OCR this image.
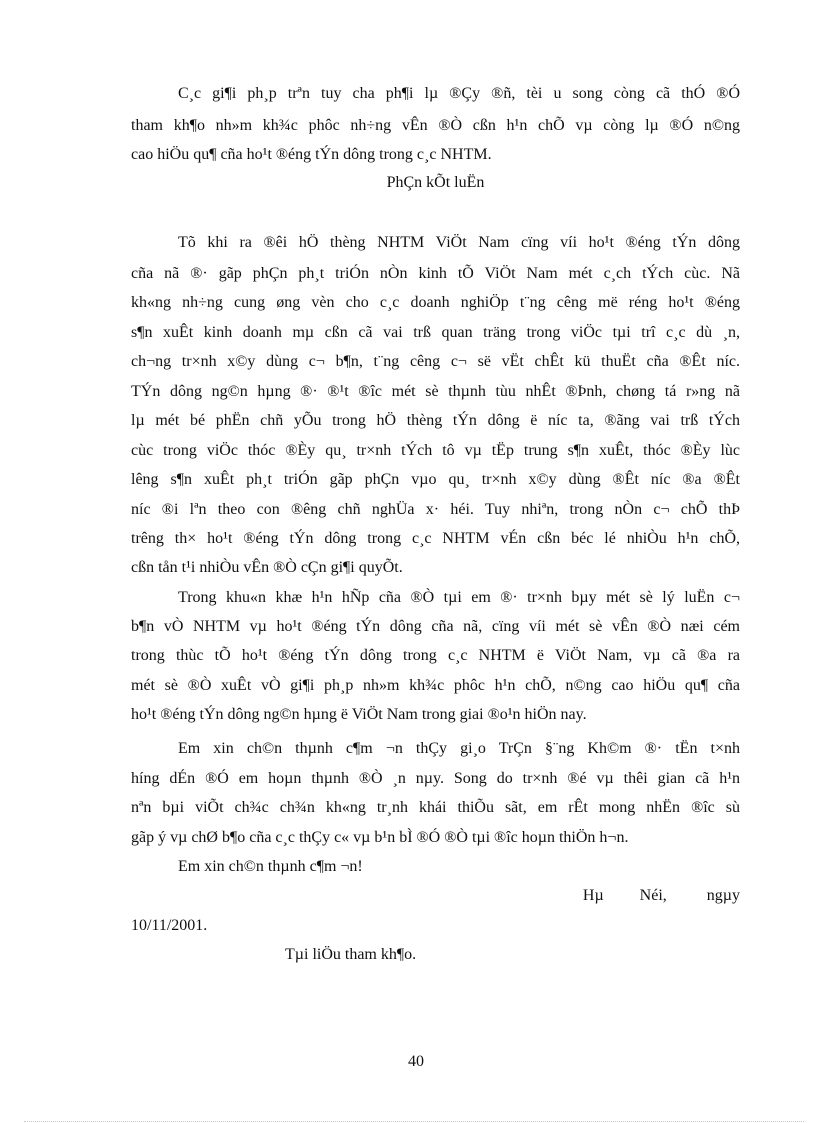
C¸c gi¶i ph¸p trªn tuy cha ph¶i lµ ®Çy ®ñ, tèi u song còng cã thÓ ®Ó
tham kh¶o nh»m kh¾c phôc nh÷ng vÊn ®Ò cßn h¹n chÕ vµ còng lµ ®Ó n©ng
cao hiÖu qu¶ cña ho¹t ®éng tÝn dông trong c¸c NHTM.
PhÇn kÕt luËn
Tõ khi ra ®êi hÖ thèng NHTM ViÖt Nam cïng víi ho¹t ®éng tÝn dông
cña nã ®· gãp phÇn ph¸t triÓn nÒn kinh tÕ ViÖt Nam mét c¸ch tÝch cùc. Nã
kh«ng nh÷ng cung øng vèn cho c¸c doanh nghiÖp t¨ng cêng më réng ho¹t ®éng
s¶n xuÊt kinh doanh mµ cßn cã vai trß quan träng trong viÖc tµi trî c¸c dù ¸n,
ch¬ng tr×nh x©y dùng c¬ b¶n, t¨ng cêng c¬ së vËt chÊt kü thuËt cña ®Êt níc.
TÝn dông ng©n hµng ®· ®¹t ®îc mét sè thµnh tùu nhÊt ®Þnh, chøng tá r»ng nã
lµ mét bé phËn chñ yÕu trong hÖ thèng tÝn dông ë níc ta, ®ãng vai trß tÝch
cùc trong viÖc thóc ®Èy qu¸ tr×nh tÝch tô vµ tËp trung s¶n xuÊt, thóc ®Èy lùc
lêng s¶n xuÊt ph¸t triÓn gãp phÇn vµo qu¸ tr×nh x©y dùng ®Êt níc ®a ®Êt
níc ®i lªn theo con ®êng chñ nghÜa x· héi. Tuy nhiªn, trong nÒn c¬ chÕ thÞ
trêng th× ho¹t ®éng tÝn dông trong c¸c NHTM vÉn cßn béc lé nhiÒu h¹n chÕ,
cßn tån t¹i nhiÒu vÊn ®Ò cÇn gi¶i quyÕt.
Trong khu«n khæ h¹n hÑp cña ®Ò tµi em ®· tr×nh bµy mét sè lý luËn c¬
b¶n vÒ NHTM vµ ho¹t ®éng tÝn dông cña nã, cïng víi mét sè vÊn ®Ò næi cém
trong thùc tÕ ho¹t ®éng tÝn dông trong c¸c NHTM ë ViÖt Nam, vµ cã ®a ra
mét sè ®Ò xuÊt vÒ gi¶i ph¸p nh»m kh¾c phôc h¹n chÕ, n©ng cao hiÖu qu¶ cña
ho¹t ®éng tÝn dông ng©n hµng ë ViÖt Nam trong giai ®o¹n hiÖn nay.
Em xin ch©n thµnh c¶m ¬n thÇy gi¸o TrÇn §¨ng Kh©m ®· tËn t×nh
híng dÉn ®Ó em hoµn thµnh ®Ò ¸n nµy. Song do tr×nh ®é vµ thêi gian cã h¹n
nªn bµi viÕt ch¾c ch¾n kh«ng tr¸nh khái thiÕu sãt, em rÊt mong nhËn ®îc sù
gãp ý vµ chØ b¶o cña c¸c thÇy c« vµ b¹n bÌ ®Ó ®Ò tµi ®îc hoµn thiÖn h¬n.
Em xin ch©n thµnh c¶m ¬n!
Hµ         Néi,          ngµy
10/11/2001.
Tµi liÖu tham kh¶o.
40
